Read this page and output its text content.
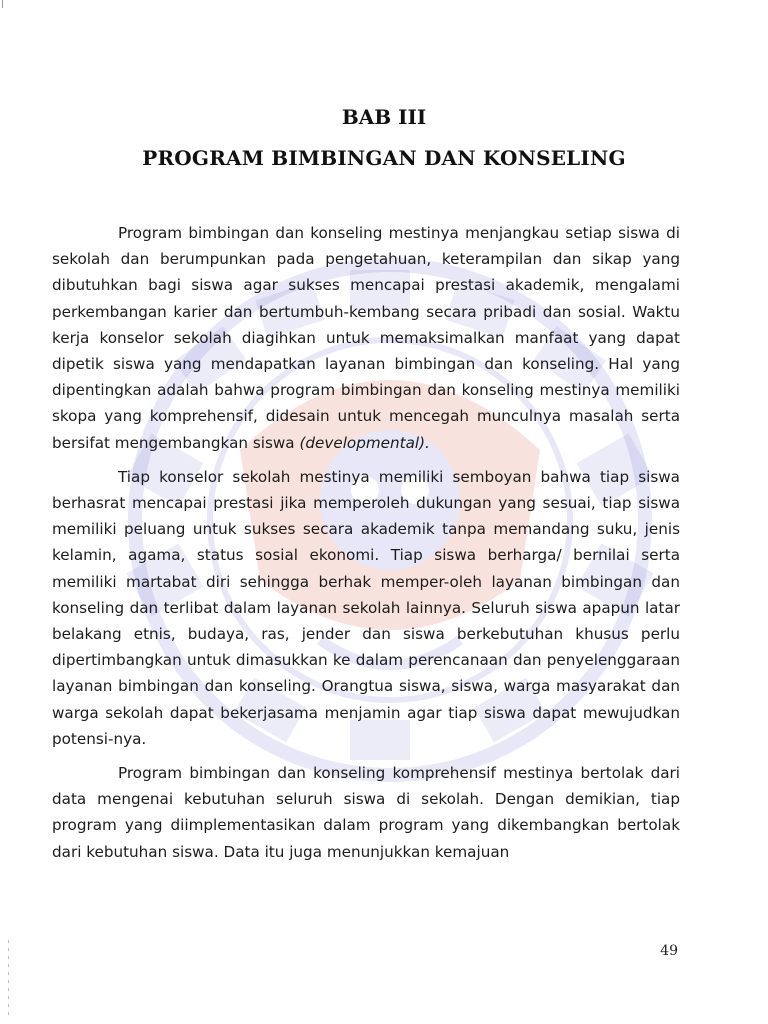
BAB III
PROGRAM BIMBINGAN DAN KONSELING

Program bimbingan dan konseling mestinya menjangkau setiap siswa di sekolah dan berumpunkan pada pengetahuan, keterampilan dan sikap yang dibutuhkan bagi siswa agar sukses mencapai prestasi akademik, mengalami perkembangan karier dan bertumbuh-kembang secara pribadi dan sosial. Waktu kerja konselor sekolah diagihkan untuk memaksimalkan manfaat yang dapat dipetik siswa yang mendapatkan layanan bimbingan dan konseling. Hal yang dipentingkan adalah bahwa program bimbingan dan konseling mestinya memiliki skopa yang komprehensif, didesain untuk mencegah munculnya masalah serta bersifat mengembangkan siswa (developmental).

Tiap konselor sekolah mestinya memiliki semboyan bahwa tiap siswa berhasrat mencapai prestasi jika memperoleh dukungan yang sesuai, tiap siswa memiliki peluang untuk sukses secara akademik tanpa memandang suku, jenis kelamin, agama, status sosial ekonomi. Tiap siswa berharga/ bernilai serta memiliki martabat diri sehingga berhak memper-oleh layanan bimbingan dan konseling dan terlibat dalam layanan sekolah lainnya. Seluruh siswa apapun latar belakang etnis, budaya, ras, jender dan siswa berkebutuhan khusus perlu dipertimbangkan untuk dimasukkan ke dalam perencanaan dan penyelenggaraan layanan bimbingan dan konseling. Orangtua siswa, siswa, warga masyarakat dan warga sekolah dapat bekerjasama menjamin agar tiap siswa dapat mewujudkan potensi-nya.

Program bimbingan dan konseling komprehensif mestinya bertolak dari data mengenai kebutuhan seluruh siswa di sekolah. Dengan demikian, tiap program yang diimplementasikan dalam program yang dikembangkan bertolak dari kebutuhan siswa. Data itu juga menunjukkan kemajuan

49
